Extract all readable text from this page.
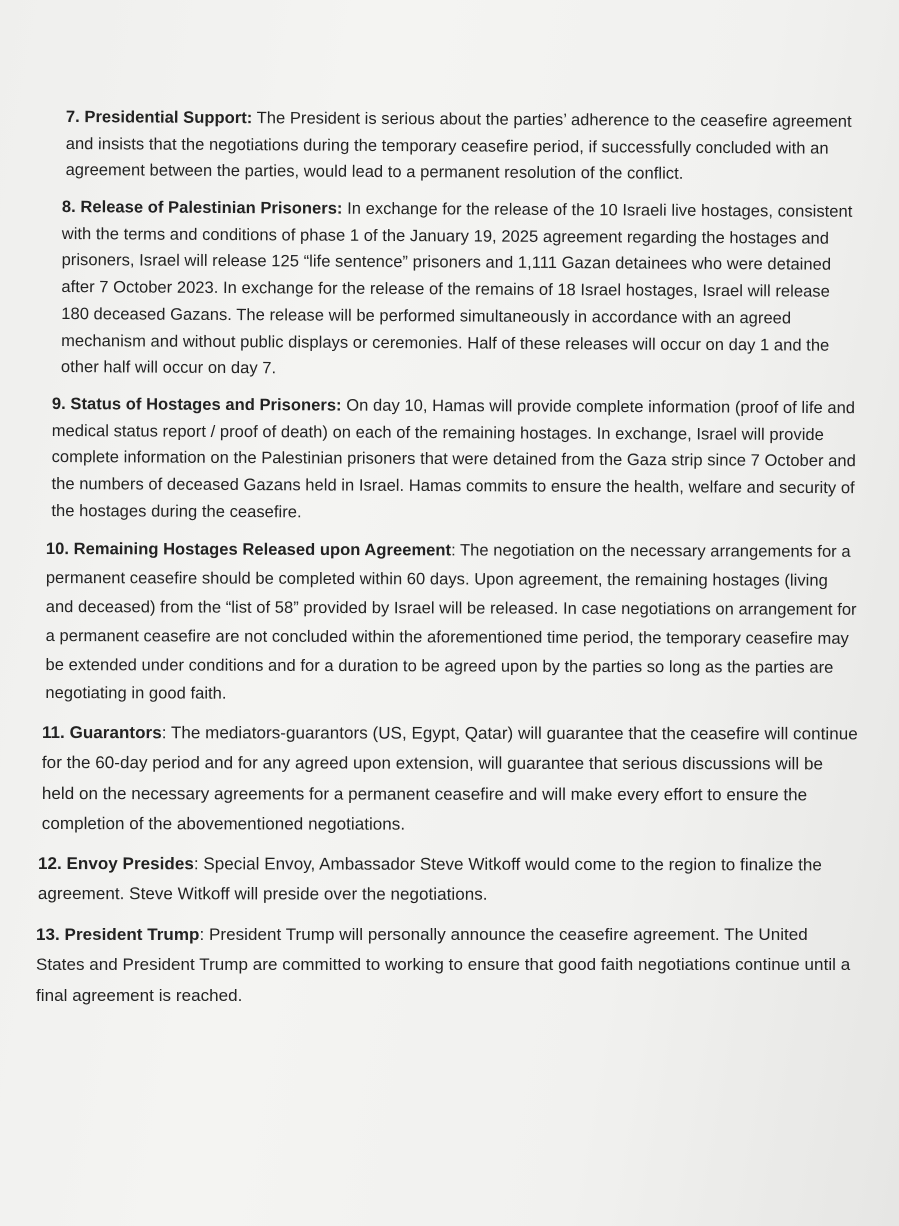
7. Presidential Support: The President is serious about the parties’ adherence to the ceasefire agreement and insists that the negotiations during the temporary ceasefire period, if successfully concluded with an agreement between the parties, would lead to a permanent resolution of the conflict.

8. Release of Palestinian Prisoners: In exchange for the release of the 10 Israeli live hostages, consistent with the terms and conditions of phase 1 of the January 19, 2025 agreement regarding the hostages and prisoners, Israel will release 125 “life sentence” prisoners and 1,111 Gazan detainees who were detained after 7 October 2023. In exchange for the release of the remains of 18 Israel hostages, Israel will release 180 deceased Gazans. The release will be performed simultaneously in accordance with an agreed mechanism and without public displays or ceremonies. Half of these releases will occur on day 1 and the other half will occur on day 7.

9. Status of Hostages and Prisoners: On day 10, Hamas will provide complete information (proof of life and medical status report / proof of death) on each of the remaining hostages. In exchange, Israel will provide complete information on the Palestinian prisoners that were detained from the Gaza strip since 7 October and the numbers of deceased Gazans held in Israel. Hamas commits to ensure the health, welfare and security of the hostages during the ceasefire.

10. Remaining Hostages Released upon Agreement: The negotiation on the necessary arrangements for a permanent ceasefire should be completed within 60 days. Upon agreement, the remaining hostages (living and deceased) from the “list of 58” provided by Israel will be released. In case negotiations on arrangement for a permanent ceasefire are not concluded within the aforementioned time period, the temporary ceasefire may be extended under conditions and for a duration to be agreed upon by the parties so long as the parties are negotiating in good faith.

11. Guarantors: The mediators-guarantors (US, Egypt, Qatar) will guarantee that the ceasefire will continue for the 60-day period and for any agreed upon extension, will guarantee that serious discussions will be held on the necessary agreements for a permanent ceasefire and will make every effort to ensure the completion of the abovementioned negotiations.

12. Envoy Presides: Special Envoy, Ambassador Steve Witkoff would come to the region to finalize the agreement. Steve Witkoff will preside over the negotiations.

13. President Trump: President Trump will personally announce the ceasefire agreement. The United States and President Trump are committed to working to ensure that good faith negotiations continue until a final agreement is reached.
